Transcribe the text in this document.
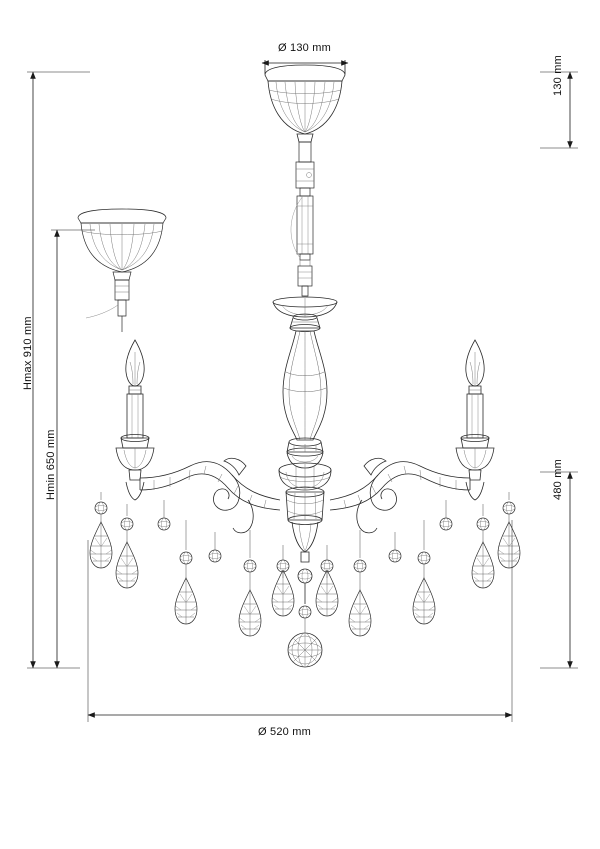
Ø 130 mm
Ø 520 mm
130 mm
480 mm
Hmax 910 mm
Hmin 650 mm
